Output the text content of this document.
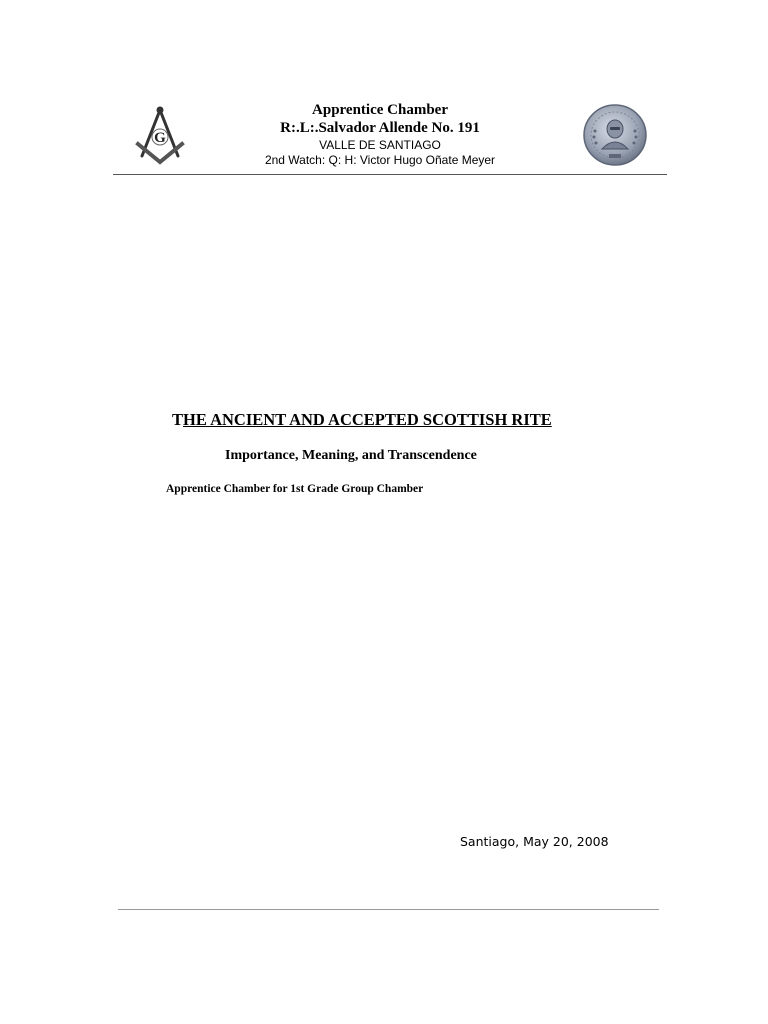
G
Apprentice Chamber
R:.L:.Salvador Allende No. 191
VALLE DE SANTIAGO
2nd Watch: Q: H: Victor Hugo Oñate Meyer
THE ANCIENT AND ACCEPTED SCOTTISH RITE
Importance, Meaning, and Transcendence
Apprentice Chamber for 1st Grade Group Chamber
Santiago, May 20, 2008
